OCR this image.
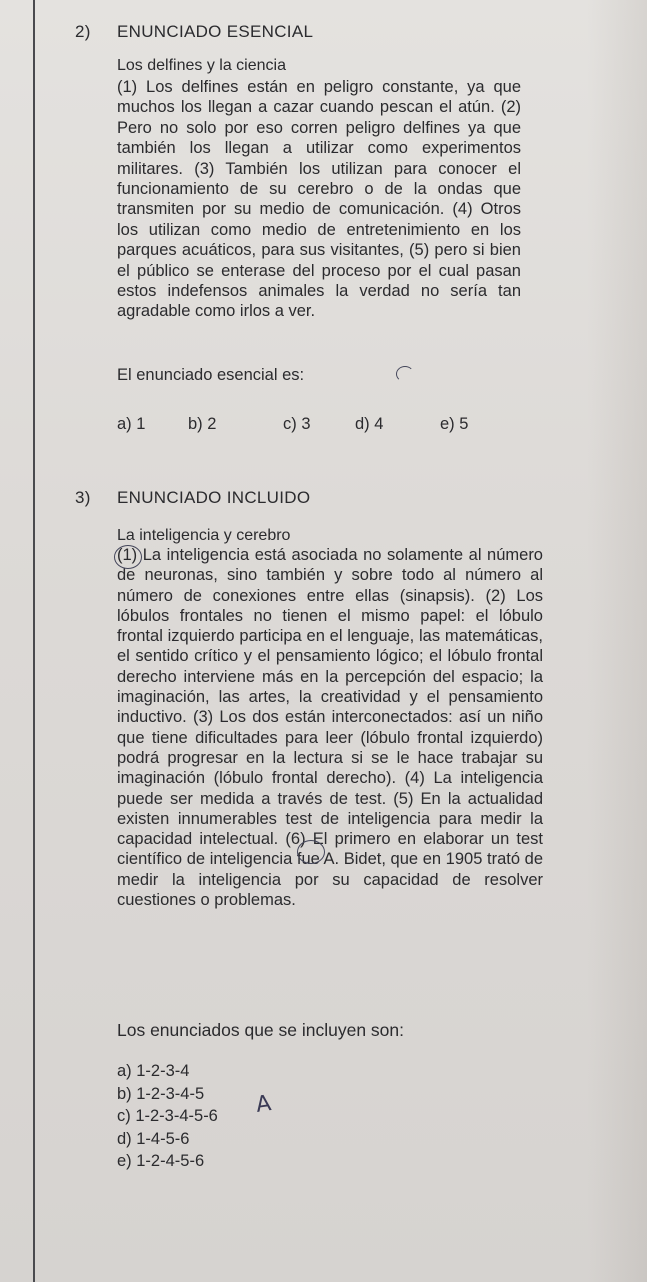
2) ENUNCIADO ESENCIAL
Los delfines y la ciencia
(1) Los delfines están en peligro constante, ya que muchos los llegan a cazar cuando pescan el atún. (2) Pero no solo por eso corren peligro delfines ya que también los llegan a utilizar como experimentos militares. (3) También los utilizan para conocer el funcionamiento de su cerebro o de la ondas que transmiten por su medio de comunicación. (4) Otros los utilizan como medio de entretenimiento en los parques acuáticos, para sus visitantes, (5) pero si bien el público se enterase del proceso por el cual pasan estos indefensos animales la verdad no sería tan agradable como irlos a ver.
El enunciado esencial es:
a) 1	b) 2	c) 3	d) 4	e) 5
3) ENUNCIADO INCLUIDO
La inteligencia y cerebro
(1) La inteligencia está asociada no solamente al número de neuronas, sino también y sobre todo al número al número de conexiones entre ellas (sinapsis). (2) Los lóbulos frontales no tienen el mismo papel: el lóbulo frontal izquierdo participa en el lenguaje, las matemáticas, el sentido crítico y el pensamiento lógico; el lóbulo frontal derecho interviene más en la percepción del espacio; la imaginación, las artes, la creatividad y el pensamiento inductivo. (3) Los dos están interconectados: así un niño que tiene dificultades para leer (lóbulo frontal izquierdo) podrá progresar en la lectura si se le hace trabajar su imaginación (lóbulo frontal derecho). (4) La inteligencia puede ser medida a través de test. (5) En la actualidad existen innumerables test de inteligencia para medir la capacidad intelectual. (6) El primero en elaborar un test científico de inteligencia fue A. Bidet, que en 1905 trató de medir la inteligencia por su capacidad de resolver cuestiones o problemas.
Los enunciados que se incluyen son:
a) 1-2-3-4
b) 1-2-3-4-5
c) 1-2-3-4-5-6
d) 1-4-5-6
e) 1-2-4-5-6
A
